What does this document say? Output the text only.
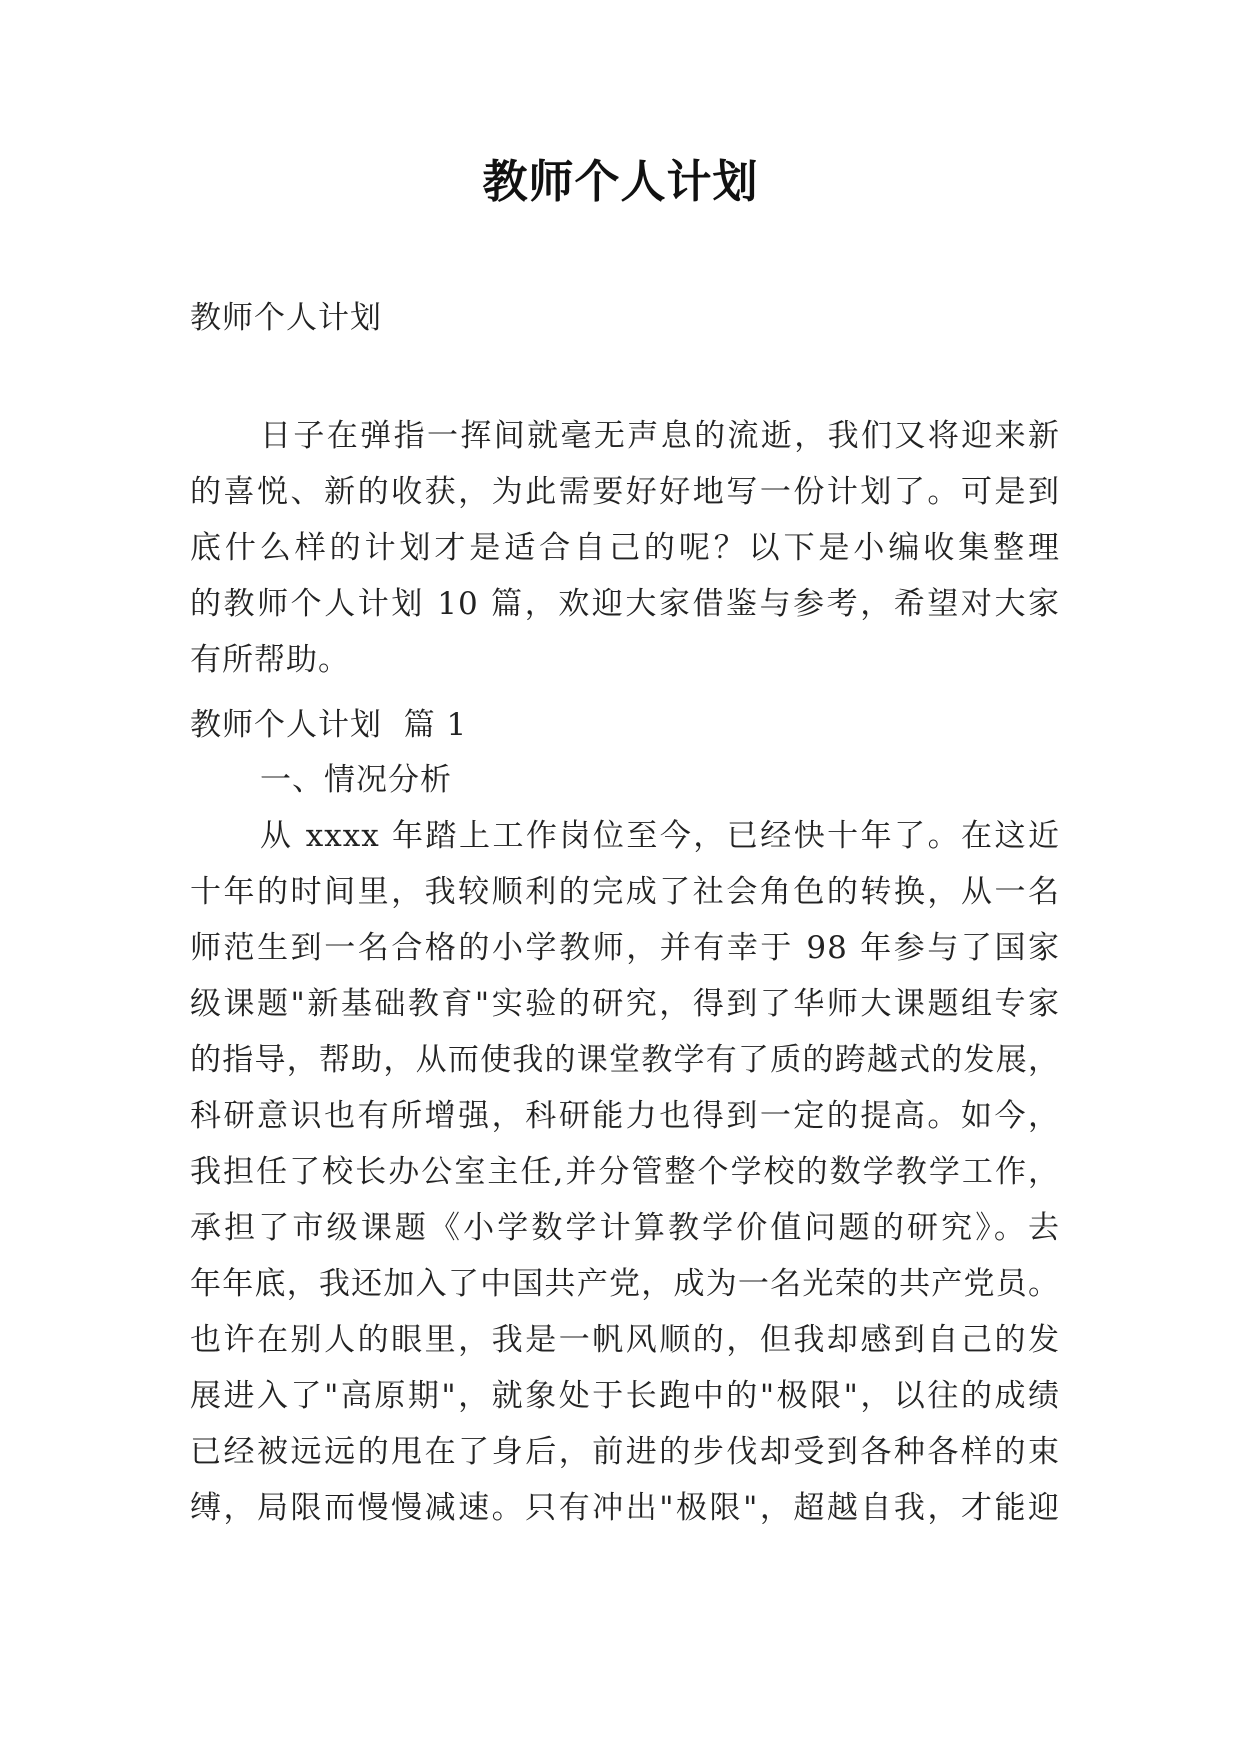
教师个人计划
教师个人计划
日子在弹指一挥间就毫无声息的流逝，我们又将迎来新
的喜悦、新的收获，为此需要好好地写一份计划了。可是到
底什么样的计划才是适合自己的呢？以下是小编收集整理
的教师个人计划 10 篇，欢迎大家借鉴与参考，希望对大家
有所帮助。
教师个人计划  篇 1
一、情况分析
从 xxxx 年踏上工作岗位至今，已经快十年了。在这近
十年的时间里，我较顺利的完成了社会角色的转换，从一名
师范生到一名合格的小学教师，并有幸于 98 年参与了国家
级课题"新基础教育"实验的研究，得到了华师大课题组专家
的指导，帮助，从而使我的课堂教学有了质的跨越式的发展，
科研意识也有所增强，科研能力也得到一定的提高。如今，
我担任了校长办公室主任,并分管整个学校的数学教学工作，
承担了市级课题《小学数学计算教学价值问题的研究》。去
年年底，我还加入了中国共产党，成为一名光荣的共产党员。
也许在别人的眼里，我是一帆风顺的，但我却感到自己的发
展进入了"高原期"，就象处于长跑中的"极限"，以往的成绩
已经被远远的甩在了身后，前进的步伐却受到各种各样的束
缚，局限而慢慢减速。只有冲出"极限"，超越自我，才能迎
